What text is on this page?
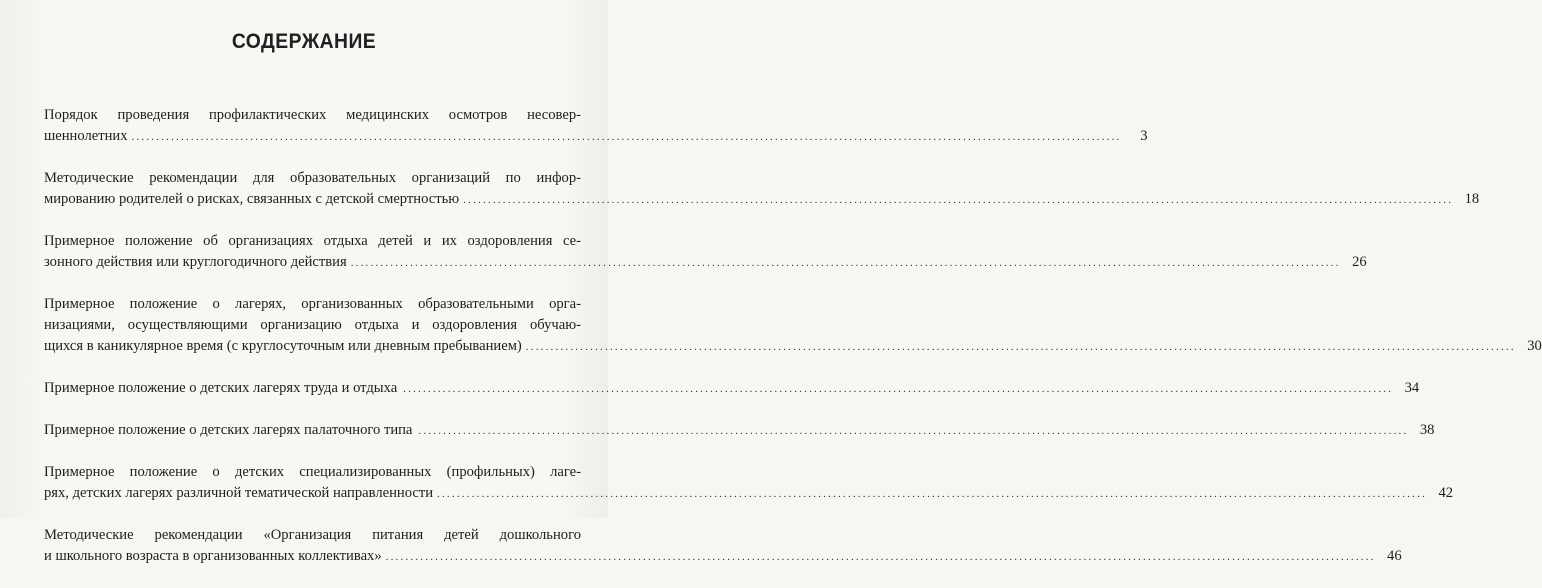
СОДЕРЖАНИЕ
Порядок проведения профилактических медицинских осмотров несовер-
шеннолетних ........................................................................................................................................................................................................	3
Методические рекомендации для образовательных организаций по инфор-
мированию родителей о рисках, связанных с детской смертностью ........................................................................................................................................................................................................ 18
Примерное положение об организациях отдыха детей и их оздоровления се-
зонного действия или круглогодичного действия ........................................................................................................................................................................................................ 26
Примерное положение о лагерях, организованных образовательными орга-
низациями, осуществляющими организацию отдыха и оздоровления обучаю-
щихся в каникулярное время (с круглосуточным или дневным пребыванием) ........................................................................................................................................................................................................ 30
Примерное положение о детских лагерях труда и отдыха ........................................................................................................................................................................................................ 34
Примерное положение о детских лагерях палаточного типа ........................................................................................................................................................................................................ 38
Примерное положение о детских специализированных (профильных) лаге-
рях, детских лагерях различной тематической направленности ........................................................................................................................................................................................................ 42
Методические рекомендации «Организация питания детей дошкольного
и школьного возраста в организованных коллективах» ........................................................................................................................................................................................................ 46
